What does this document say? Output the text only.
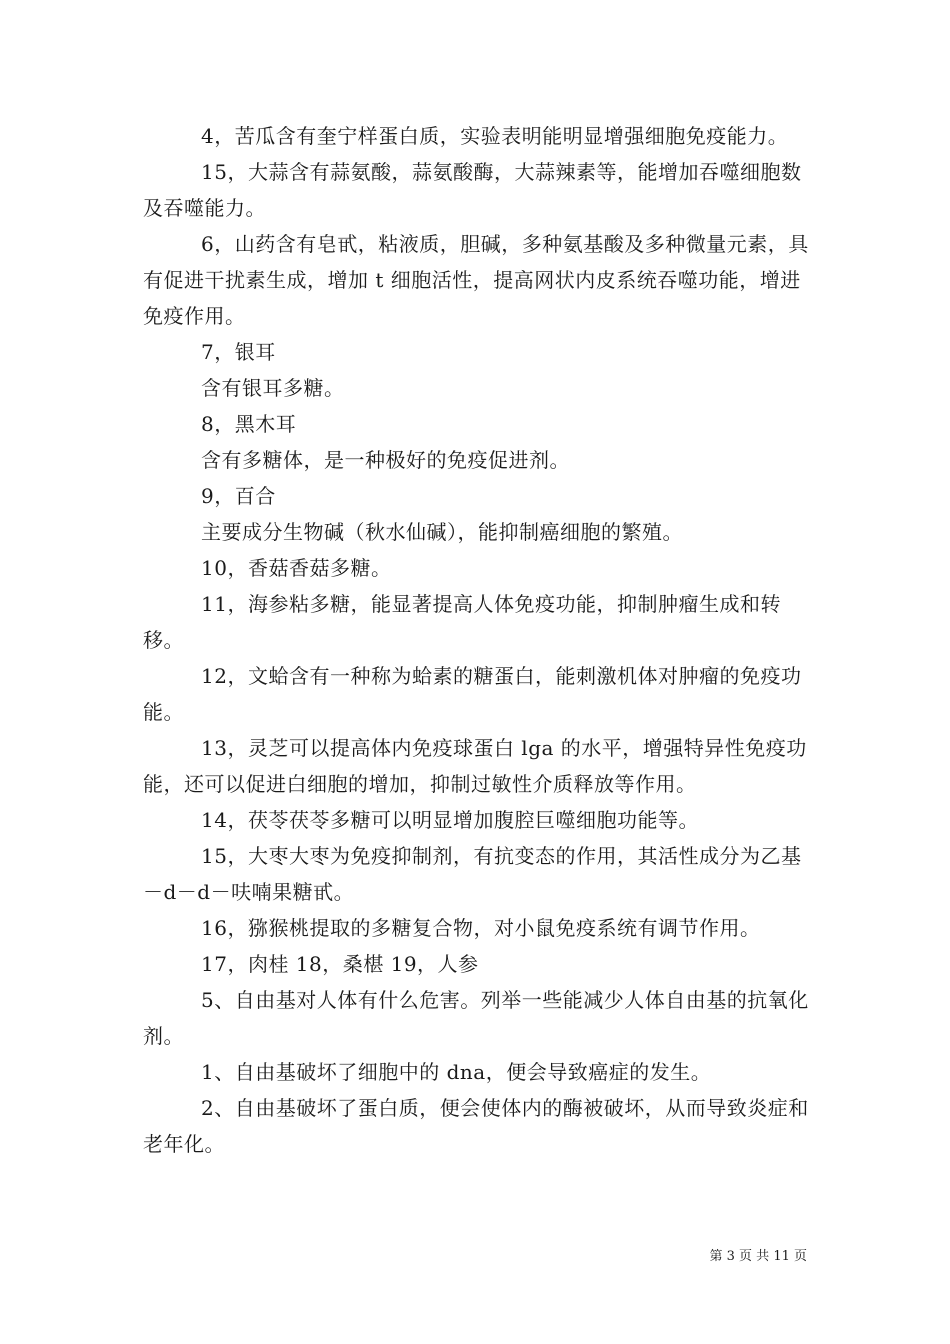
4，苦瓜含有奎宁样蛋白质，实验表明能明显增强细胞免疫能力。

15，大蒜含有蒜氨酸，蒜氨酸酶，大蒜辣素等，能增加吞噬细胞数及吞噬能力。

6，山药含有皂甙，粘液质，胆碱，多种氨基酸及多种微量元素，具有促进干扰素生成，增加 t 细胞活性，提高网状内皮系统吞噬功能，增进免疫作用。

7，银耳

含有银耳多糖。

8，黑木耳

含有多糖体，是一种极好的免疫促进剂。

9，百合

主要成分生物碱（秋水仙碱），能抑制癌细胞的繁殖。

10，香菇香菇多糖。

11，海参粘多糖，能显著提高人体免疫功能，抑制肿瘤生成和转移。

12，文蛤含有一种称为蛤素的糖蛋白，能刺激机体对肿瘤的免疫功能。

13，灵芝可以提高体内免疫球蛋白 lga 的水平，增强特异性免疫功能，还可以促进白细胞的增加，抑制过敏性介质释放等作用。

14，茯苓茯苓多糖可以明显增加腹腔巨噬细胞功能等。

15，大枣大枣为免疫抑制剂，有抗变态的作用，其活性成分为乙基－d－d－呋喃果糖甙。

16，猕猴桃提取的多糖复合物，对小鼠免疫系统有调节作用。

17，肉桂 18，桑椹 19，人参

5、自由基对人体有什么危害。列举一些能减少人体自由基的抗氧化剂。

1、自由基破坏了细胞中的 dna，便会导致癌症的发生。

2、自由基破坏了蛋白质，便会使体内的酶被破坏，从而导致炎症和老年化。

第 3 页 共 11 页
